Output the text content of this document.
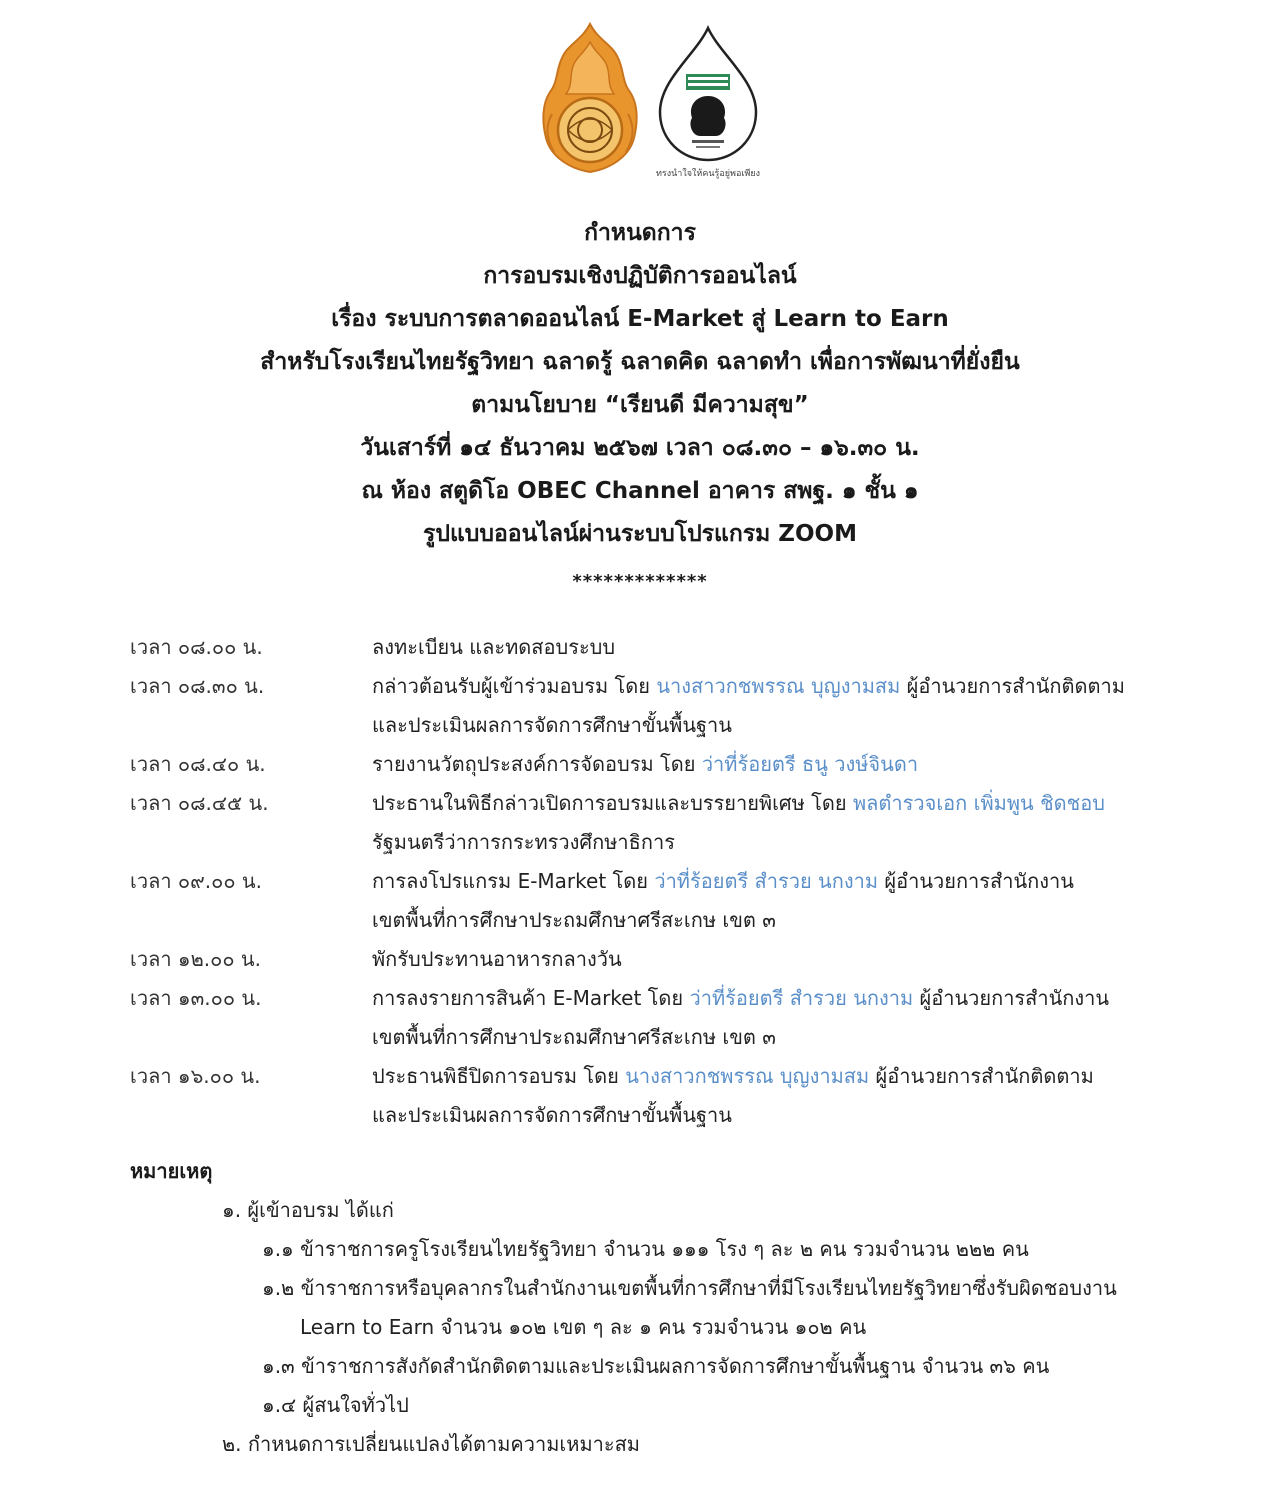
ทรงนำใจให้คนรู้อยู่พอเพียง
กำหนดการ
การอบรมเชิงปฏิบัติการออนไลน์
เรื่อง ระบบการตลาดออนไลน์ E-Market สู่ Learn to Earn
สำหรับโรงเรียนไทยรัฐวิทยา ฉลาดรู้ ฉลาดคิด ฉลาดทำ เพื่อการพัฒนาที่ยั่งยืน
ตามนโยบาย “เรียนดี มีความสุข”
วันเสาร์ที่ ๑๔ ธันวาคม ๒๕๖๗ เวลา ๐๘.๓๐ – ๑๖.๓๐ น.
ณ ห้อง สตูดิโอ OBEC Channel อาคาร สพฐ. ๑ ชั้น ๑
รูปแบบออนไลน์ผ่านระบบโปรแกรม ZOOM
*************
เวลา ๐๘.๐๐ น.	ลงทะเบียน และทดสอบระบบ
เวลา ๐๘.๓๐ น.	กล่าวต้อนรับผู้เข้าร่วมอบรม โดย นางสาวกชพรรณ บุญงามสม ผู้อำนวยการสำนักติดตาม
และประเมินผลการจัดการศึกษาขั้นพื้นฐาน
เวลา ๐๘.๔๐ น.	รายงานวัตถุประสงค์การจัดอบรม โดย ว่าที่ร้อยตรี ธนู วงษ์จินดา
เวลา ๐๘.๔๕ น.	ประธานในพิธีกล่าวเปิดการอบรมและบรรยายพิเศษ โดย พลตำรวจเอก เพิ่มพูน ชิดชอบ
รัฐมนตรีว่าการกระทรวงศึกษาธิการ
เวลา ๐๙.๐๐ น.	การลงโปรแกรม E-Market โดย ว่าที่ร้อยตรี สำรวย นกงาม ผู้อำนวยการสำนักงาน
เขตพื้นที่การศึกษาประถมศึกษาศรีสะเกษ เขต ๓
เวลา ๑๒.๐๐ น.	พักรับประทานอาหารกลางวัน
เวลา ๑๓.๐๐ น.	การลงรายการสินค้า E-Market โดย ว่าที่ร้อยตรี สำรวย นกงาม ผู้อำนวยการสำนักงาน
เขตพื้นที่การศึกษาประถมศึกษาศรีสะเกษ เขต ๓
เวลา ๑๖.๐๐ น.	ประธานพิธีปิดการอบรม โดย นางสาวกชพรรณ บุญงามสม ผู้อำนวยการสำนักติดตาม
และประเมินผลการจัดการศึกษาขั้นพื้นฐาน
หมายเหตุ
๑. ผู้เข้าอบรม ได้แก่
๑.๑ ข้าราชการครูโรงเรียนไทยรัฐวิทยา จำนวน ๑๑๑ โรง ๆ ละ ๒ คน รวมจำนวน ๒๒๒ คน
๑.๒ ข้าราชการหรือบุคลากรในสำนักงานเขตพื้นที่การศึกษาที่มีโรงเรียนไทยรัฐวิทยาซึ่งรับผิดชอบงาน
Learn to Earn จำนวน ๑๐๒ เขต ๆ ละ ๑ คน รวมจำนวน ๑๐๒ คน
๑.๓ ข้าราชการสังกัดสำนักติดตามและประเมินผลการจัดการศึกษาขั้นพื้นฐาน จำนวน ๓๖ คน
๑.๔ ผู้สนใจทั่วไป
๒. กำหนดการเปลี่ยนแปลงได้ตามความเหมาะสม
